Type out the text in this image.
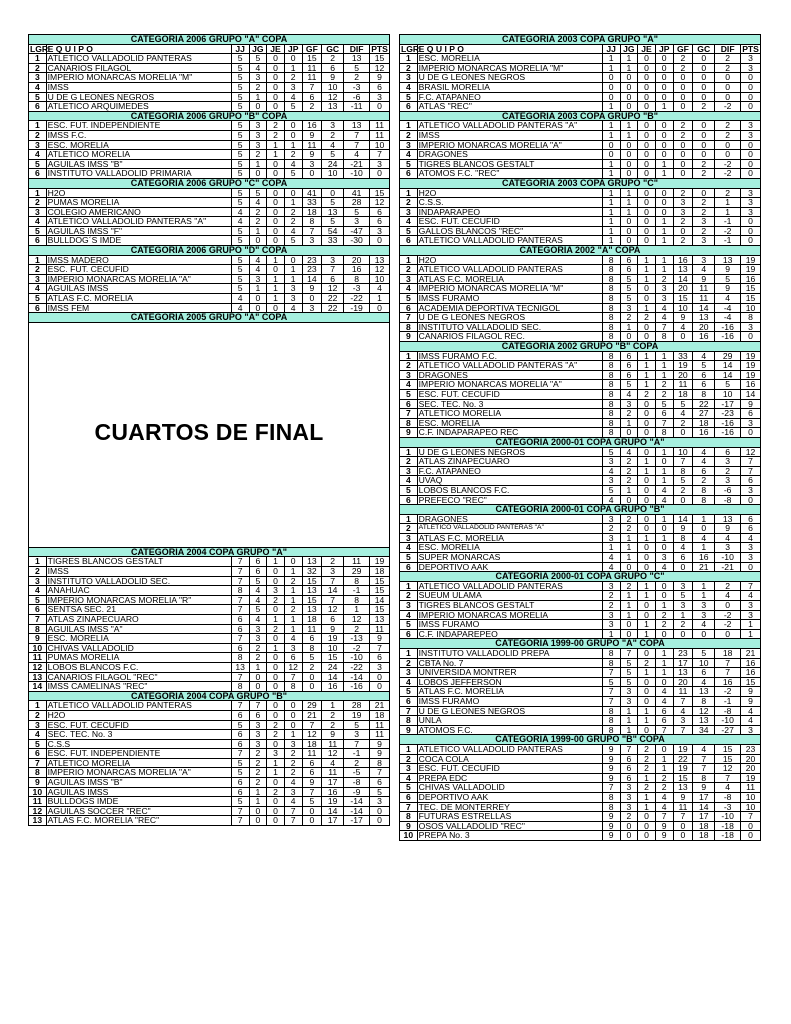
CATEGORIA 2006 GRUPO "A" COPA									
LGR	E Q U I P O	JJ	JG	JE	JP	GF	GC	DIF	PTS
1	ATLETICO VALLADOLID PANTERAS	5	5	0	0	15	2	13	15
2	CANARIOS FILAGOL	5	4	0	1	11	6	5	12
3	IMPERIO MONARCAS MORELIA "M"	5	3	0	2	11	9	2	9
4	IMSS	5	2	0	3	7	10	-3	6
5	U DE G LEONES NEGROS	5	1	0	4	6	12	-6	3
6	ATLETICO ARQUIMEDES	5	0	0	5	2	13	-11	0
CATEGORIA 2006 GRUPO "B" COPA									
1	ESC. FUT. INDEPENDIENTE	5	3	2	0	16	3	13	11
2	IMSS F.C.	5	3	2	0	9	2	7	11
3	ESC. MORELIA	5	3	1	1	11	4	7	10
4	ATLETICO MORELIA	5	2	1	2	9	5	4	7
5	AGUILAS IMSS "B"	5	1	0	4	3	24	-21	3
6	INSTITUTO VALLADOLID PRIMARIA	5	0	0	5	0	10	-10	0
CATEGORIA 2006 GRUPO "C" COPA									
1	H2O	5	5	0	0	41	0	41	15
2	PUMAS MORELIA	5	4	0	1	33	5	28	12
3	COLEGIO AMERICANO	4	2	0	2	18	13	5	6
4	ATLETICO VALLADOLID PANTERAS "A"	4	2	0	2	8	5	3	6
5	AGUILAS IMSS "F"	5	1	0	4	7	54	-47	3
6	BULLDOG´S IMDE	5	0	0	5	3	33	-30	0
CATEGORIA 2006 GRUPO "D" COPA									
1	IMSS MADERO	5	4	1	0	23	3	20	13
2	ESC. FUT. CECUFID	5	4	0	1	23	7	16	12
3	IMPERIO MONARCAS MORELIA "A"	5	3	1	1	14	6	8	10
4	AGUILAS IMSS	5	1	1	3	9	12	-3	4
5	ATLAS F.C. MORELIA	4	0	1	3	0	22	-22	1
6	IMSS FEM	4	0	0	4	3	22	-19	0
CATEGORIA 2005 GRUPO "A" COPA									
CUARTOS DE FINAL									
CATEGORIA 2004 COPA GRUPO "A"									
1	TIGRES BLANCOS GESTALT	7	6	1	0	13	2	11	19
2	IMSS	7	6	0	1	32	3	29	18
3	INSTITUTO VALLADOLID SEC.	7	5	0	2	15	7	8	15
4	ANAHUAC	8	4	3	1	13	14	-1	15
5	IMPERIO MONARCAS MORELIA "R"	7	4	2	1	15	7	8	14
6	SENTSA SEC. 21	7	5	0	2	13	12	1	15
7	ATLAS ZINAPECUARO	6	4	1	1	18	6	12	13
8	AGUILAS IMSS "A"	6	3	2	1	11	9	2	11
9	ESC. MORELIA	7	3	0	4	6	19	-13	9
10	CHIVAS VALLADOLID	6	2	1	3	8	10	-2	7
11	PUMAS MORELIA	8	2	0	6	5	15	-10	6
12	LOBOS BLANCOS F.C.	13	1	0	12	2	24	-22	3
13	CANARIOS FILAGOL "REC"	7	0	0	7	0	14	-14	0
14	IMSS CAMELINAS "REC"	8	0	0	8	0	16	-16	0
CATEGORIA 2004 COPA GRUPO "B"									
1	ATLETICO VALLADOLID PANTERAS	7	7	0	0	29	1	28	21
2	H2O	6	6	0	0	21	2	19	18
3	ESC. FUT. CECUFID	5	3	2	0	7	2	5	11
4	SEC. TEC. No. 3	6	3	2	1	12	9	3	11
5	C.S.S	6	3	0	3	18	11	7	9
6	ESC. FUT. INDEPENDIENTE	7	2	3	2	11	12	-1	9
7	ATLETICO MORELIA	5	2	1	2	6	4	2	8
8	IMPERIO MONARCAS MORELIA "A"	5	2	1	2	6	11	-5	7
9	AGUILAS IMSS "B"	6	2	0	4	9	17	-8	6
10	AGUILAS IMSS	6	1	2	3	7	16	-9	5
11	BULLDOGS IMDE	5	1	0	4	5	19	-14	3
12	AGUILAS SOCCER "REC"	7	0	0	7	0	14	-14	0
13	ATLAS F.C. MORELIA "REC"	7	0	0	7	0	17	-17	0
CATEGORIA 2003 COPA GRUPO "A"									
LGR	E Q U I P O	JJ	JG	JE	JP	GF	GC	DIF	PTS
1	ESC. MORELIA	1	1	0	0	2	0	2	3
2	IMPERIO MONARCAS MORELIA "M"	1	1	0	0	2	0	2	3
3	U DE G LEONES NEGROS	0	0	0	0	0	0	0	0
4	BRASIL MORELIA	0	0	0	0	0	0	0	0
5	F.C. ATAPANEO	0	0	0	0	0	0	0	0
6	ATLAS "REC"	1	0	0	1	0	2	-2	0
CATEGORIA 2003 COPA GRUPO "B"									
1	ATLETICO VALLADOLID PANTERAS "A"	1	1	0	0	2	0	2	3
2	IMSS	1	1	0	0	2	0	2	3
3	IMPERIO MONARCAS MORELIA "A"	0	0	0	0	0	0	0	0
4	DRAGONES	0	0	0	0	0	0	0	0
5	TIGRES BLANCOS GESTALT	1	0	0	1	0	2	-2	0
6	ATOMOS F.C. "REC"	1	0	0	1	0	2	-2	0
CATEGORIA 2003 COPA GRUPO "C"									
1	H2O	1	1	0	0	2	0	2	3
2	C.S.S.	1	1	0	0	3	2	1	3
3	INDAPARAPEO	1	1	0	0	3	2	1	3
4	ESC. FUT. CECUFID	1	0	0	1	2	3	-1	0
5	GALLOS BLANCOS "REC"	1	0	0	1	0	2	-2	0
6	ATLETICO VALLADOLID PANTERAS	1	0	0	1	2	3	-1	0
CATEGORIA 2002 "A" COPA									
1	H2O	8	6	1	1	16	3	13	19
2	ATLETICO VALLADOLID PANTERAS	8	6	1	1	13	4	9	19
3	ATLAS F.C. MORELIA	8	5	1	2	14	9	5	16
4	IMPERIO MONARCAS MORELIA "M"	8	5	0	3	20	11	9	15
5	IMSS FURAMO	8	5	0	3	15	11	4	15
6	ACADEMIA DEPORTIVA TECNIGOL	8	3	1	4	10	14	-4	10
7	U DE G LEONES NEGROS	8	2	2	4	9	13	-4	8
8	INSTITUTO VALLADOLID SEC.	8	1	0	7	4	20	-16	3
9	CANARIOS FILAGOL REC.	8	0	0	8	0	16	-16	0
CATEGORIA 2002 GRUPO "B" COPA									
1	IMSS FURAMO F.C.	8	6	1	1	33	4	29	19
2	ATLETICO VALLADOLID PANTERAS "A"	8	6	1	1	19	5	14	19
3	DRAGONES	8	6	1	1	20	6	14	19
4	IMPERIO MONARCAS MORELIA "A"	8	5	1	2	11	6	5	16
5	ESC. FUT. CECUFID	8	4	2	2	18	8	10	14
6	SEC. TEC. No. 3	8	3	0	5	5	22	-17	9
7	ATLETICO MORELIA	8	2	0	6	4	27	-23	6
8	ESC. MORELIA	8	1	0	7	2	18	-16	3
9	C.F. INDAPARAPEO REC	8	0	0	8	0	16	-16	0
CATEGORIA 2000-01 COPA GRUPO "A"									
1	U DE G LEONES NEGROS	5	4	0	1	10	4	6	12
2	ATLAS ZINAPECUARO	3	2	1	0	7	4	3	7
3	F.C. ATAPANEO	4	2	1	1	8	6	2	7
4	UVAQ	3	2	0	1	5	2	3	6
5	LOBOS BLANCOS F.C.	5	1	0	4	2	8	-6	3
6	PREFECO "REC"	4	0	0	4	0	8	-8	0
CATEGORIA 2000-01 COPA GRUPO "B"									
1	DRAGONES	3	2	0	1	14	1	13	6
2	ATLETICO VALLADOLID PANTERAS "A"	2	2	0	0	9	0	9	6
3	ATLAS F.C. MORELIA	3	1	1	1	8	4	4	4
4	ESC. MORELIA	1	1	0	0	4	1	3	3
5	SUPER MONARCAS	4	1	0	3	6	16	-10	3
6	DEPORTIVO AAK	4	0	0	4	0	21	-21	0
CATEGORIA 2000-01 COPA GRUPO "C"									
1	ATLETICO VALLADOLID PANTERAS	3	2	1	0	3	1	2	7
2	SUEUM ULAMA	2	1	1	0	5	1	4	4
3	TIGRES BLANCOS GESTALT	2	1	0	1	3	3	0	3
4	IMPERIO MONARCAS MORELIA	3	1	0	2	1	3	-2	3
5	IMSS FURAMO	3	0	1	2	2	4	-2	1
6	C.F. INDAPAREPEO	1	0	1	0	0	0	0	1
CATEGORIA 1999-00 GRUPO "A" COPA									
1	INSTITUTO VALLADOLID PREPA	8	7	0	1	23	5	18	21
2	CBTA No. 7	8	5	2	1	17	10	7	16
3	UNIVERSIDA MONTRER	7	5	1	1	13	6	7	16
4	LOBOS JEFFERSON	5	5	0	0	20	4	16	15
5	ATLAS F.C. MORELIA	7	3	0	4	11	13	-2	9
6	IMSS FURAMO	7	3	0	4	7	8	-1	9
7	U DE G LEONES NEGROS	8	1	1	6	4	12	-8	4
8	UNLA	8	1	1	6	3	13	-10	4
9	ATOMOS F.C.	8	1	0	7	7	34	-27	3
CATEGORIA 1999-00 GRUPO "B" COPA									
1	ATLETICO VALLADOLID PANTERAS	9	7	2	0	19	4	15	23
2	COCA COLA	9	6	2	1	22	7	15	20
3	ESC. FUT. CECUFID	9	6	2	1	19	7	12	20
4	PREPA EDC	9	6	1	2	15	8	7	19
5	CHIVAS VALLADOLID	7	3	2	2	13	9	4	11
6	DEPORTIVO AAK	8	3	1	4	9	17	-8	10
7	TEC. DE MONTERREY	8	3	1	4	11	14	-3	10
8	FUTURAS ESTRELLAS	9	2	0	7	7	17	-10	7
9	OSOS VALLADOLID "REC"	9	0	0	9	0	18	-18	0
10	PREPA No. 3	9	0	0	9	0	18	-18	0
